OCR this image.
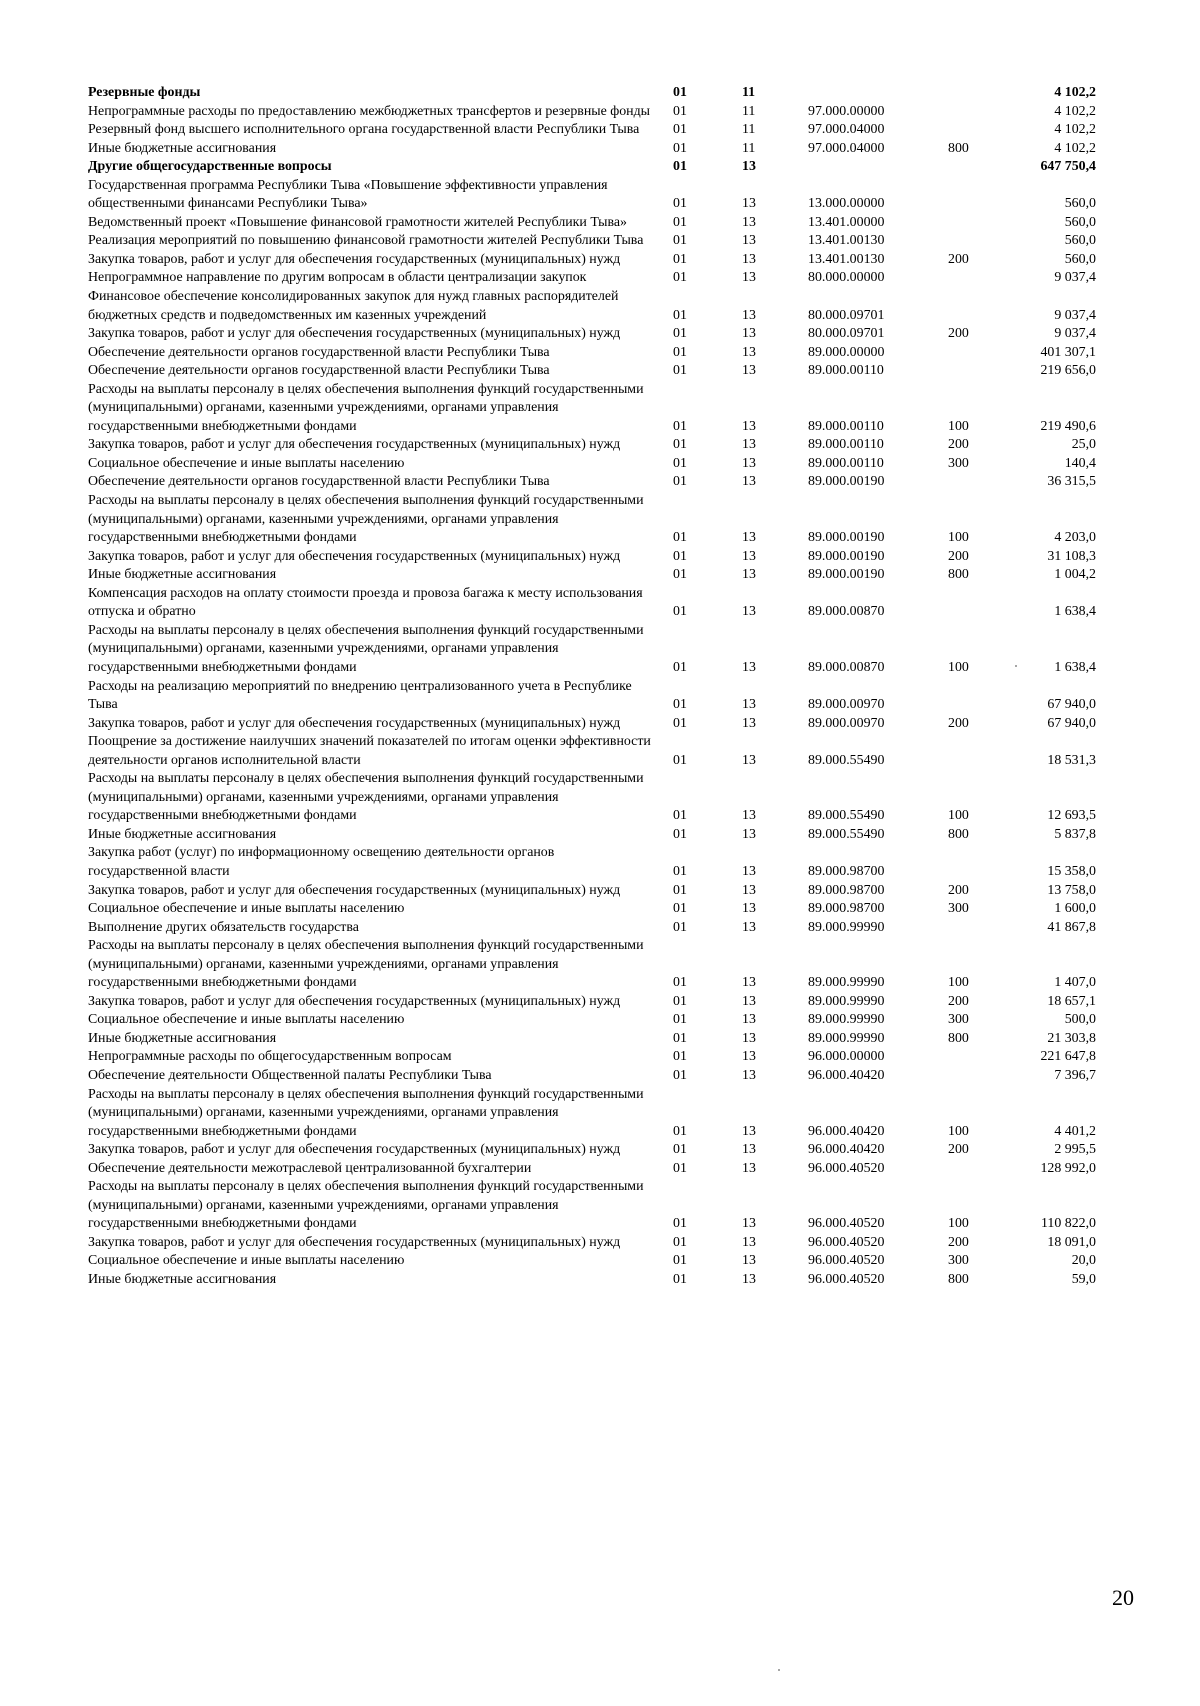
Резервные фонды	01	11			4 102,2
Непрограммные расходы по предоставлению межбюджетных трансфертов и резервные фонды	01	11	97.000.00000		4 102,2
Резервный фонд высшего исполнительного органа государственной власти Республики Тыва	01	11	97.000.04000		4 102,2
Иные бюджетные ассигнования	01	11	97.000.04000	800	4 102,2
Другие общегосударственные вопросы	01	13			647 750,4
Государственная программа Республики Тыва «Повышение эффективности управления общественными финансами Республики Тыва»	01	13	13.000.00000		560,0
Ведомственный проект «Повышение финансовой грамотности жителей Республики Тыва»	01	13	13.401.00000		560,0
Реализация мероприятий по повышению финансовой грамотности жителей Республики Тыва	01	13	13.401.00130		560,0
Закупка товаров, работ и услуг для обеспечения государственных (муниципальных) нужд	01	13	13.401.00130	200	560,0
Непрограммное направление по другим вопросам в области централизации закупок	01	13	80.000.00000		9 037,4
Финансовое обеспечение консолидированных закупок для нужд главных распорядителей бюджетных средств и подведомственных им казенных учреждений	01	13	80.000.09701		9 037,4
Закупка товаров, работ и услуг для обеспечения государственных (муниципальных) нужд	01	13	80.000.09701	200	9 037,4
Обеспечение деятельности органов государственной власти Республики Тыва	01	13	89.000.00000		401 307,1
Обеспечение деятельности органов государственной власти Республики Тыва	01	13	89.000.00110		219 656,0
Расходы на выплаты персоналу в целях обеспечения выполнения функций государственными (муниципальными) органами, казенными учреждениями, органами управления государственными внебюджетными фондами	01	13	89.000.00110	100	219 490,6
Закупка товаров, работ и услуг для обеспечения государственных (муниципальных) нужд	01	13	89.000.00110	200	25,0
Социальное обеспечение и иные выплаты населению	01	13	89.000.00110	300	140,4
Обеспечение деятельности органов государственной власти Республики Тыва	01	13	89.000.00190		36 315,5
Расходы на выплаты персоналу в целях обеспечения выполнения функций государственными (муниципальными) органами, казенными учреждениями, органами управления государственными внебюджетными фондами	01	13	89.000.00190	100	4 203,0
Закупка товаров, работ и услуг для обеспечения государственных (муниципальных) нужд	01	13	89.000.00190	200	31 108,3
Иные бюджетные ассигнования	01	13	89.000.00190	800	1 004,2
Компенсация расходов на оплату стоимости проезда и провоза багажа к месту использования отпуска и обратно	01	13	89.000.00870		1 638,4
Расходы на выплаты персоналу в целях обеспечения выполнения функций государственными (муниципальными) органами, казенными учреждениями, органами управления государственными внебюджетными фондами	01	13	89.000.00870	100	1 638,4
Расходы на реализацию мероприятий по внедрению централизованного учета в Республике Тыва	01	13	89.000.00970		67 940,0
Закупка товаров, работ и услуг для обеспечения государственных (муниципальных) нужд	01	13	89.000.00970	200	67 940,0
Поощрение за достижение наилучших значений показателей по итогам оценки эффективности деятельности органов исполнительной власти	01	13	89.000.55490		18 531,3
Расходы на выплаты персоналу в целях обеспечения выполнения функций государственными (муниципальными) органами, казенными учреждениями, органами управления государственными внебюджетными фондами	01	13	89.000.55490	100	12 693,5
Иные бюджетные ассигнования	01	13	89.000.55490	800	5 837,8
Закупка работ (услуг) по информационному освещению деятельности органов государственной власти	01	13	89.000.98700		15 358,0
Закупка товаров, работ и услуг для обеспечения государственных (муниципальных) нужд	01	13	89.000.98700	200	13 758,0
Социальное обеспечение и иные выплаты населению	01	13	89.000.98700	300	1 600,0
Выполнение других обязательств государства	01	13	89.000.99990		41 867,8
Расходы на выплаты персоналу в целях обеспечения выполнения функций государственными (муниципальными) органами, казенными учреждениями, органами управления государственными внебюджетными фондами	01	13	89.000.99990	100	1 407,0
Закупка товаров, работ и услуг для обеспечения государственных (муниципальных) нужд	01	13	89.000.99990	200	18 657,1
Социальное обеспечение и иные выплаты населению	01	13	89.000.99990	300	500,0
Иные бюджетные ассигнования	01	13	89.000.99990	800	21 303,8
Непрограммные расходы по общегосударственным вопросам	01	13	96.000.00000		221 647,8
Обеспечение деятельности Общественной палаты Республики Тыва	01	13	96.000.40420		7 396,7
Расходы на выплаты персоналу в целях обеспечения выполнения функций государственными (муниципальными) органами, казенными учреждениями, органами управления государственными внебюджетными фондами	01	13	96.000.40420	100	4 401,2
Закупка товаров, работ и услуг для обеспечения государственных (муниципальных) нужд	01	13	96.000.40420	200	2 995,5
Обеспечение деятельности межотраслевой централизованной бухгалтерии	01	13	96.000.40520		128 992,0
Расходы на выплаты персоналу в целях обеспечения выполнения функций государственными (муниципальными) органами, казенными учреждениями, органами управления государственными внебюджетными фондами	01	13	96.000.40520	100	110 822,0
Закупка товаров, работ и услуг для обеспечения государственных (муниципальных) нужд	01	13	96.000.40520	200	18 091,0
Социальное обеспечение и иные выплаты населению	01	13	96.000.40520	300	20,0
Иные бюджетные ассигнования	01	13	96.000.40520	800	59,0
20
